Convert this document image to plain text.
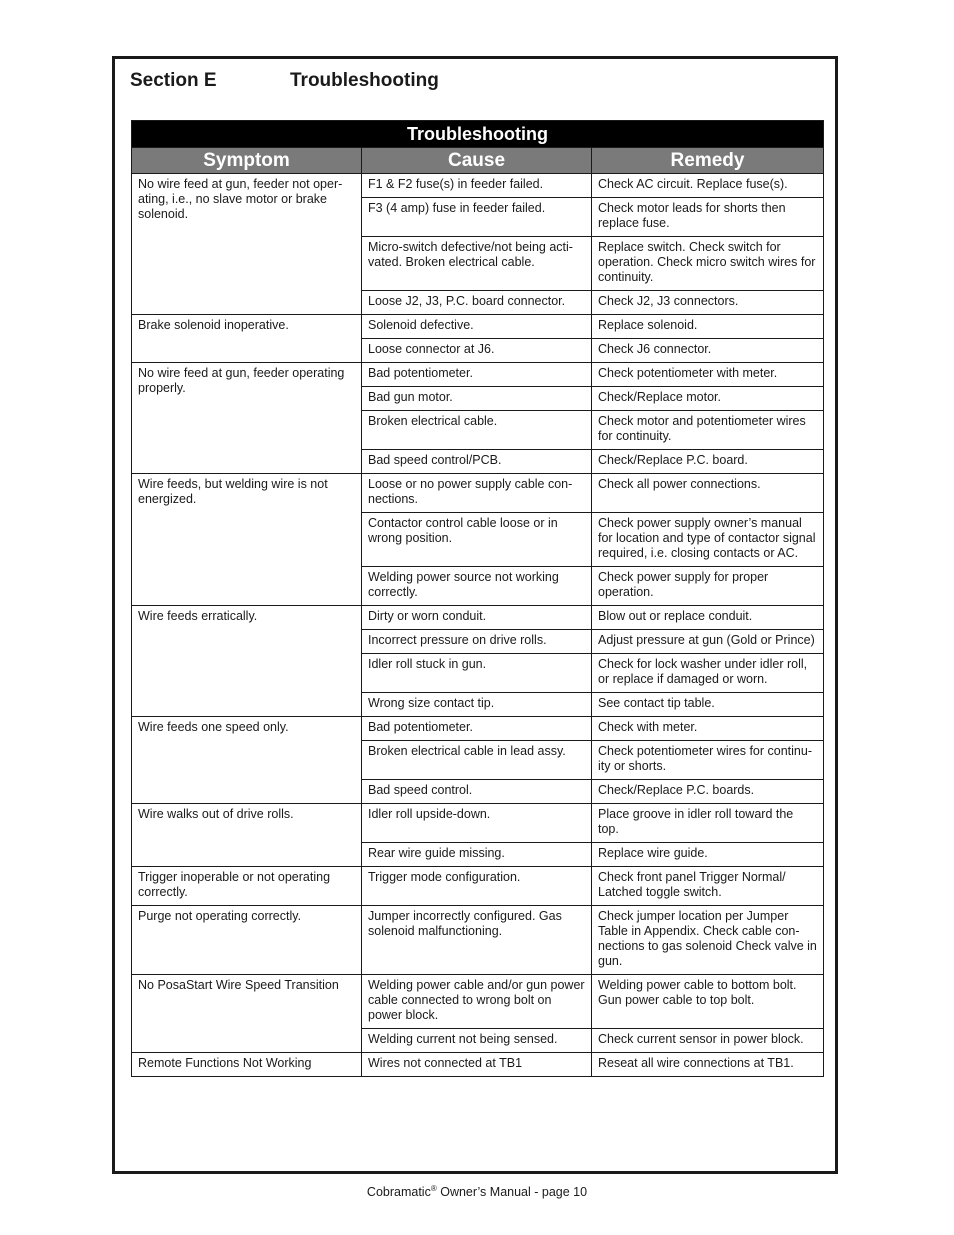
Section E	Troubleshooting
Troubleshooting		
Symptom	Cause	Remedy
No wire feed at gun, feeder not oper-ating, i.e., no slave motor or brake solenoid.	F1 & F2 fuse(s) in feeder failed.	Check AC circuit. Replace fuse(s).
	F3 (4 amp) fuse in feeder failed.	Check motor leads for shorts then replace fuse.
	Micro-switch defective/not being acti-vated. Broken electrical cable.	Replace switch. Check switch for operation. Check micro switch wires for continuity.
	Loose J2, J3, P.C. board connector.	Check J2, J3 connectors.
Brake solenoid inoperative.	Solenoid defective.	Replace solenoid.
	Loose connector at J6.	Check J6 connector.
No wire feed at gun, feeder operating properly.	Bad potentiometer.	Check potentiometer with meter.
	Bad gun motor.	Check/Replace motor.
	Broken electrical cable.	Check motor and potentiometer wires for continuity.
	Bad speed control/PCB.	Check/Replace P.C. board.
Wire feeds, but welding wire is not energized.	Loose or no power supply cable con-nections.	Check all power connections.
	Contactor control cable loose or in wrong position.	Check power supply owner’s manual for location and type of contactor signal required, i.e. closing contacts or AC.
	Welding power source not working correctly.	Check power supply for proper operation.
Wire feeds erratically.	Dirty or worn conduit.	Blow out or replace conduit.
	Incorrect pressure on drive rolls.	Adjust pressure at gun (Gold or Prince)
	Idler roll stuck in gun.	Check for lock washer under idler roll, or replace if damaged or worn.
	Wrong size contact tip.	See contact tip table.
Wire feeds one speed only.	Bad potentiometer.	Check with meter.
	Broken electrical cable in lead assy.	Check potentiometer wires for continu-ity or shorts.
	Bad speed control.	Check/Replace P.C. boards.
Wire walks out of drive rolls.	Idler roll upside-down.	Place groove in idler roll toward the top.
	Rear wire guide missing.	Replace wire guide.
Trigger inoperable or not operating correctly.	Trigger mode configuration.	Check front panel Trigger Normal/ Latched toggle switch.
Purge not operating correctly.	Jumper incorrectly configured. Gas solenoid malfunctioning.	Check jumper location per Jumper Table in Appendix. Check cable con-nections to gas solenoid Check valve in gun.
No PosaStart Wire Speed Transition	Welding power cable and/or gun power cable connected to wrong bolt on power block.	Welding power cable to bottom bolt. Gun power cable to top bolt.
	Welding current not being sensed.	Check current sensor in power block.
Remote Functions Not Working	Wires not connected at TB1	Reseat all wire connections at TB1.
Cobramatic® Owner’s Manual - page 10
